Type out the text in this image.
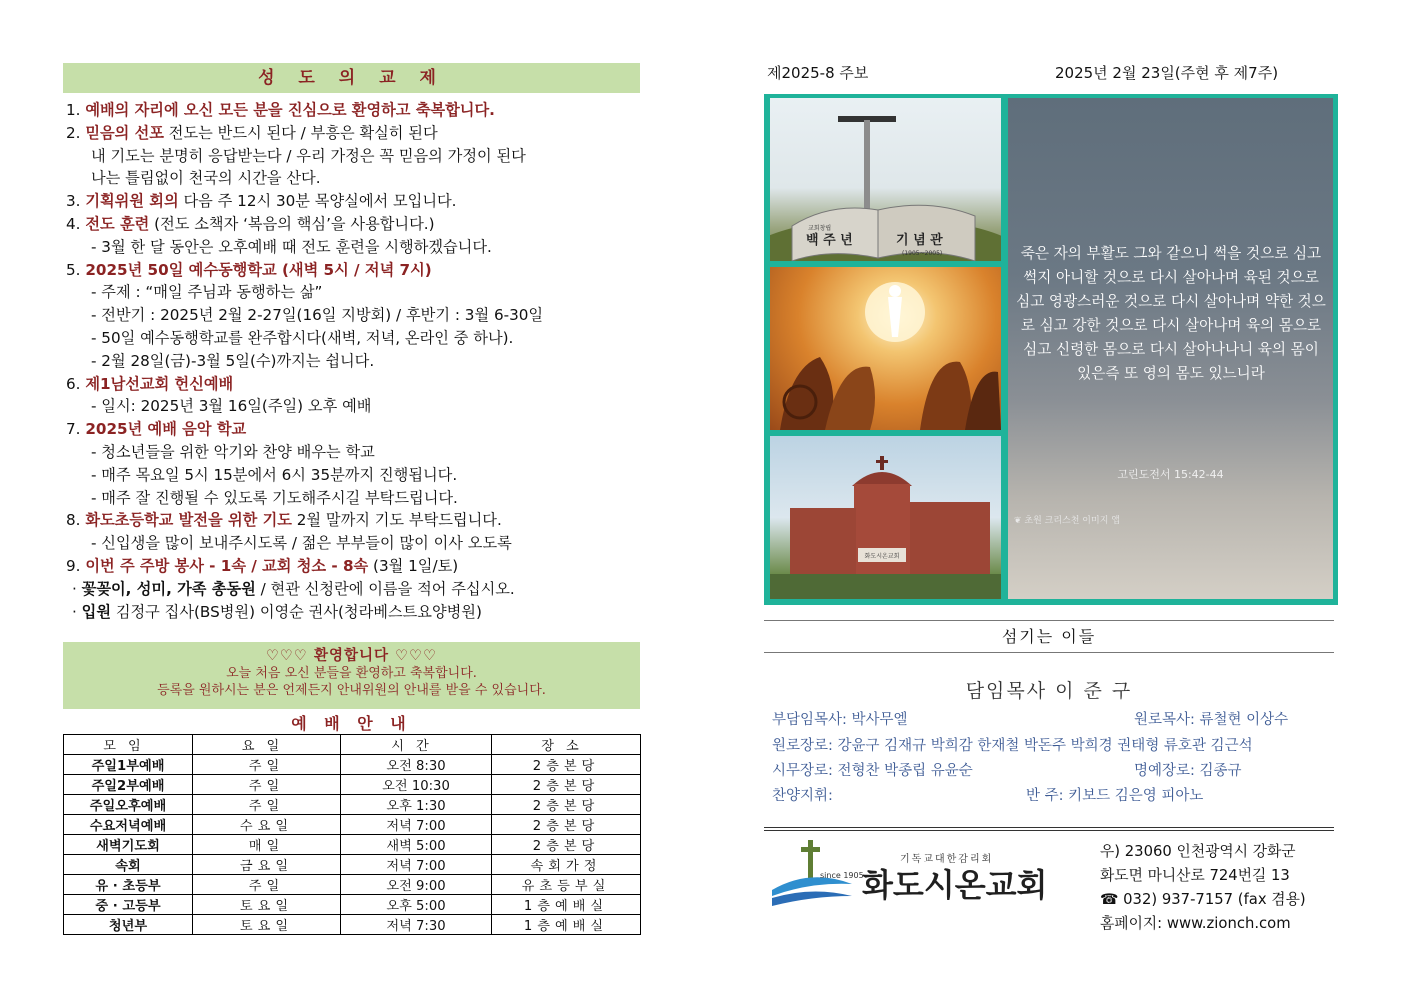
성 도 의 교 제
1. 예배의 자리에 오신 모든 분을 진심으로 환영하고 축복합니다.
2. 믿음의 선포 전도는 반드시 된다 / 부흥은 확실히 된다
내 기도는 분명히 응답받는다 / 우리 가정은 꼭 믿음의 가정이 된다
나는 틀림없이 천국의 시간을 산다.
3. 기획위원 회의 다음 주 12시 30분 목양실에서 모입니다.
4. 전도 훈련 (전도 소책자 ‘복음의 핵심’을 사용합니다.)
- 3월 한 달 동안은 오후예배 때 전도 훈련을 시행하겠습니다.
5. 2025년 50일 예수동행학교 (새벽 5시 / 저녁 7시)
- 주제 : “매일 주님과 동행하는 삶”
- 전반기 : 2025년 2월 2-27일(16일 지방회) / 후반기 : 3월 6-30일
- 50일 예수동행학교를 완주합시다(새벽, 저녁, 온라인 중 하나).
- 2월 28일(금)-3월 5일(수)까지는 쉽니다.
6. 제1남선교회 헌신예배
- 일시: 2025년 3월 16일(주일) 오후 예배
7. 2025년 예배 음악 학교
- 청소년들을 위한 악기와 찬양 배우는 학교
- 매주 목요일 5시 15분에서 6시 35분까지 진행됩니다.
- 매주 잘 진행될 수 있도록 기도해주시길 부탁드립니다.
8. 화도초등학교 발전을 위한 기도 2월 말까지 기도 부탁드립니다.
- 신입생을 많이 보내주시도록 / 젊은 부부들이 많이 이사 오도록
9. 이번 주 주방 봉사 - 1속 / 교회 청소 - 8속 (3월 1일/토)
· 꽃꽂이, 성미, 가족 총동원 / 현관 신청란에 이름을 적어 주십시오.
· 입원 김정구 집사(BS병원) 이영순 권사(청라베스트요양병원)
♡♡♡ 환영합니다 ♡♡♡
오늘 처음 오신 분들을 환영하고 축복합니다.
등록을 원하시는 분은 언제든지 안내위원의 안내를 받을 수 있습니다.
예 배 안 내
모임	요일	시간	장소
주일1부예배	주일	오전 8:30	2층본당
주일2부예배	주일	오전 10:30	2층본당
주일오후예배	주일	오후 1:30	2층본당
수요저녁예배	수요일	저녁 7:00	2층본당
새벽기도회	매일	새벽 5:00	2층본당
속회	금요일	저녁 7:00	속회가정
유 · 초등부	주일	오전 9:00	유초등부실
중 · 고등부	토요일	오후 5:00	1층예배실
청년부	토요일	저녁 7:30	1층예배실
제2025-8 주보	2025년 2월 23일(주현 후 제7주)
교회창립
백 주 년	기 념 관
(1905~2005)
화도시온교회
죽은 자의 부활도 그와 같으니 썩을 것으로 심고 썩지 아니할 것으로 다시 살아나며 육된 것으로 심고 영광스러운 것으로 다시 살아나며 약한 것으로 심고 강한 것으로 다시 살아나며 육의 몸으로 심고 신령한 몸으로 다시 살아나나니 육의 몸이 있은즉 또 영의 몸도 있느니라
고린도전서 15:42-44
❦ 초원 크리스천 이미지 앱
섬기는 이들
담임목사 이 준 구
부담임목사: 박사무엘	원로목사: 류철현 이상수
원로장로: 강윤구 김재규 박희감 한재철 박돈주 박희경 권태형 류호관 김근석
시무장로: 전형찬 박종립 유윤순	명예장로: 김종규
찬양지휘:	반 주: 키보드 김은영 피아노
since 1905
기독교대한감리회
화도시온교회
우) 23060 인천광역시 강화군
화도면 마니산로 724번길 13
☎ 032) 937-7157 (fax 겸용)
홈페이지: www.zionch.com
